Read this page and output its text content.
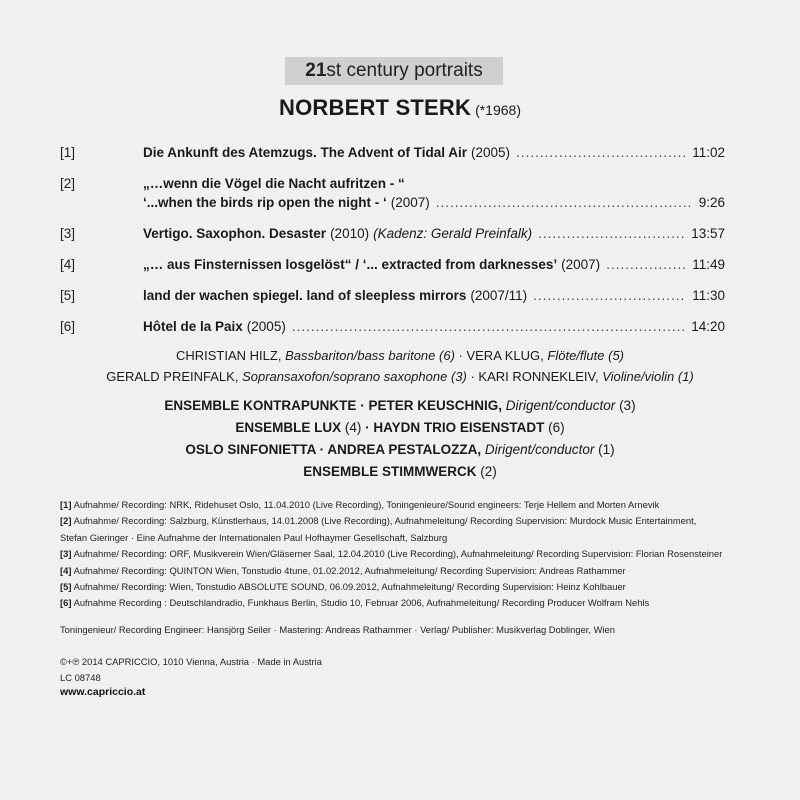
21st century portraits
NORBERT STERK (*1968)
[1]	Die Ankunft des Atemzugs. The Advent of Tidal Air (2005) .....	11:02
[2]	„…wenn die Vögel die Nacht aufritzen - “
‘...when the birds rip open the night - ‘ (2007) .....	9:26
[3]	Vertigo. Saxophon. Desaster (2010) (Kadenz: Gerald Preinfalk) .....	13:57
[4]	„… aus Finsternissen losgelöst“ / ‘... extracted from darknesses’ (2007) .....	11:49
[5]	land der wachen spiegel. land of sleepless mirrors (2007/11) .....	11:30
[6]	Hôtel de la Paix (2005) .....	14:20
CHRISTIAN HILZ, Bassbariton/bass baritone (6) · VERA KLUG, Flöte/flute (5)
GERALD PREINFALK, Sopransaxofon/soprano saxophone (3) · KARI RONNEKLEIV, Violine/violin (1)
ENSEMBLE KONTRAPUNKTE · PETER KEUSCHNIG, Dirigent/conductor (3)
ENSEMBLE LUX (4) · HAYDN TRIO EISENSTADT (6)
OSLO SINFONIETTA · ANDREA PESTALOZZA, Dirigent/conductor (1)
ENSEMBLE STIMMWERCK (2)
[1] Aufnahme/ Recording: NRK, Ridehuset Oslo, 11.04.2010 (Live Recording), Toningenieure/Sound engineers: Terje Hellem and Morten Arnevik
[2] Aufnahme/ Recording: Salzburg, Künstlerhaus, 14.01.2008 (Live Recording), Aufnahmeleitung/ Recording Supervision: Murdock Music Entertainment,
Stefan Gieringer · Eine Aufnahme der Internationalen Paul Hofhaymer Gesellschaft, Salzburg
[3] Aufnahme/ Recording: ORF, Musikverein Wien/Gläserner Saal, 12.04.2010 (Live Recording), Aufnahmeleitung/ Recording Supervision: Florian Rosensteiner
[4] Aufnahme/ Recording: QUINTON Wien, Tonstudio 4tune, 01.02.2012, Aufnahmeleitung/ Recording Supervision: Andreas Rathammer
[5] Aufnahme/ Recording: Wien, Tonstudio ABSOLUTE SOUND, 06.09.2012, Aufnahmeleitung/ Recording Supervision: Heinz Kohlbauer
[6] Aufnahme Recording : Deutschlandradio, Funkhaus Berlin, Studio 10, Februar 2006, Aufnahmeleitung/ Recording Producer Wolfram Nehls
Toningenieur/ Recording Engineer: Hansjörg Seiler · Mastering: Andreas Rathammer · Verlag/ Publisher: Musikverlag Doblinger, Wien
©+℗ 2014 CAPRICCIO, 1010 Vienna, Austria · Made in Austria
LC 08748
www.capriccio.at
